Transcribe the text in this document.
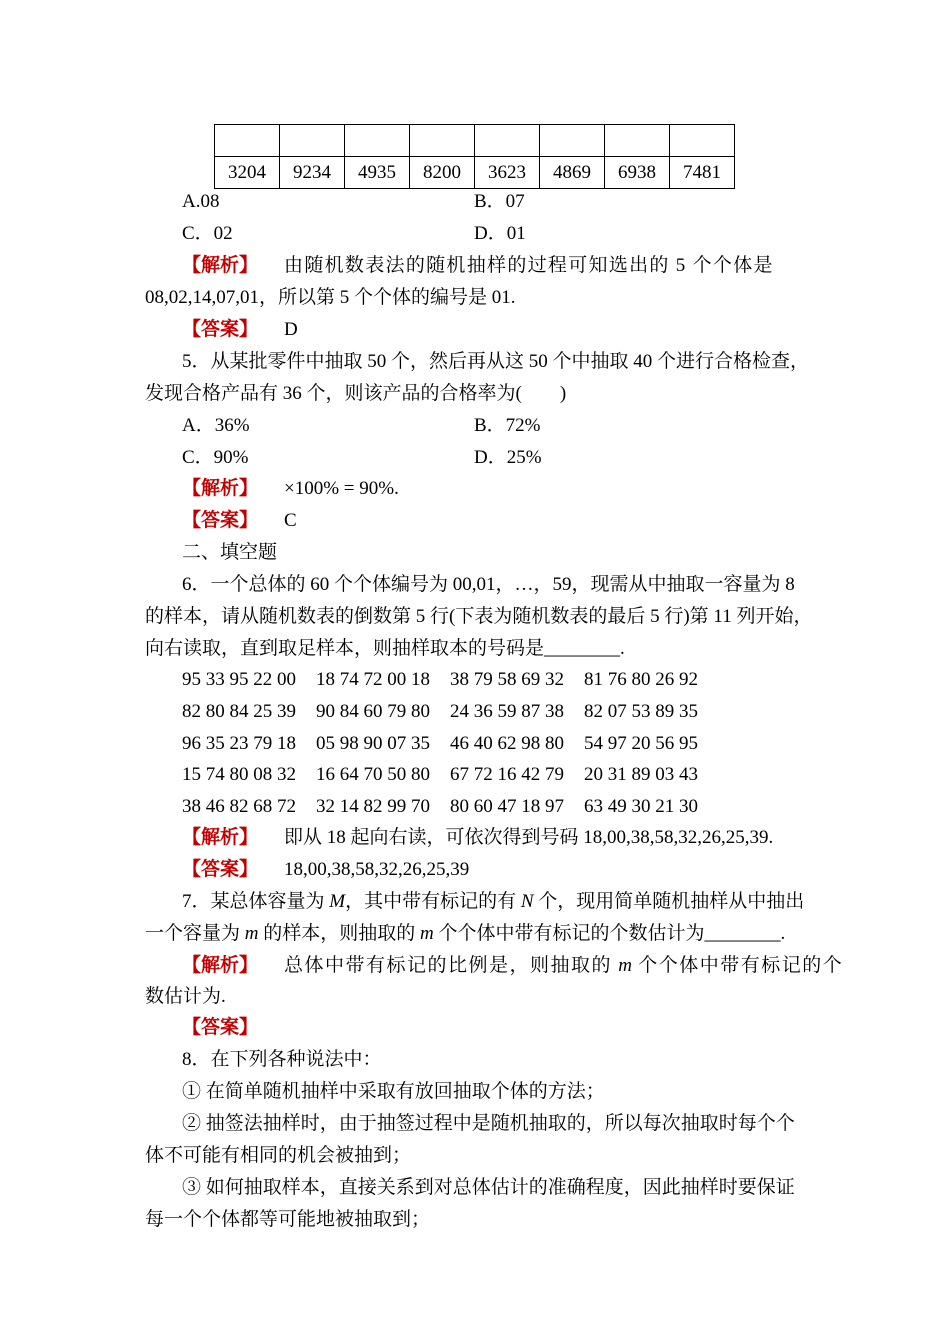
3204	9234	4935	8200	3623	4869	6938	7481
A.08	B．07
C．02	D．01
【解析】 由随机数表法的随机抽样的过程可知选出的 5 个个体是
08,02,14,07,01，所以第 5 个个体的编号是 01.
【答案】 D
5．从某批零件中抽取 50 个，然后再从这 50 个中抽取 40 个进行合格检查，
发现合格产品有 36 个，则该产品的合格率为(　　)
A．36%	B．72%
C．90%	D．25%
【解析】 ×100% = 90%.
【答案】 C
二、填空题
6．一个总体的 60 个个体编号为 00,01，…，59，现需从中抽取一容量为 8
的样本，请从随机数表的倒数第 5 行(下表为随机数表的最后 5 行)第 11 列开始，
向右读取，直到取足样本，则抽样取本的号码是________.
95 33 95 22 00 18 74 72 00 18 38 79 58 69 32 81 76 80 26 92
82 80 84 25 39 90 84 60 79 80 24 36 59 87 38 82 07 53 89 35
96 35 23 79 18 05 98 90 07 35 46 40 62 98 80 54 97 20 56 95
15 74 80 08 32 16 64 70 50 80 67 72 16 42 79 20 31 89 03 43
38 46 82 68 72 32 14 82 99 70 80 60 47 18 97 63 49 30 21 30
【解析】 即从 18 起向右读，可依次得到号码 18,00,38,58,32,26,25,39.
【答案】 18,00,38,58,32,26,25,39
7．某总体容量为 M，其中带有标记的有 N 个，现用简单随机抽样从中抽出
一个容量为 m 的样本，则抽取的 m 个个体中带有标记的个数估计为________.
【解析】 总体中带有标记的比例是，则抽取的 m 个个体中带有标记的个
数估计为.
【答案】
8．在下列各种说法中：
① 在简单随机抽样中采取有放回抽取个体的方法；
② 抽签法抽样时，由于抽签过程中是随机抽取的，所以每次抽取时每个个
体不可能有相同的机会被抽到；
③ 如何抽取样本，直接关系到对总体估计的准确程度，因此抽样时要保证
每一个个体都等可能地被抽取到；
